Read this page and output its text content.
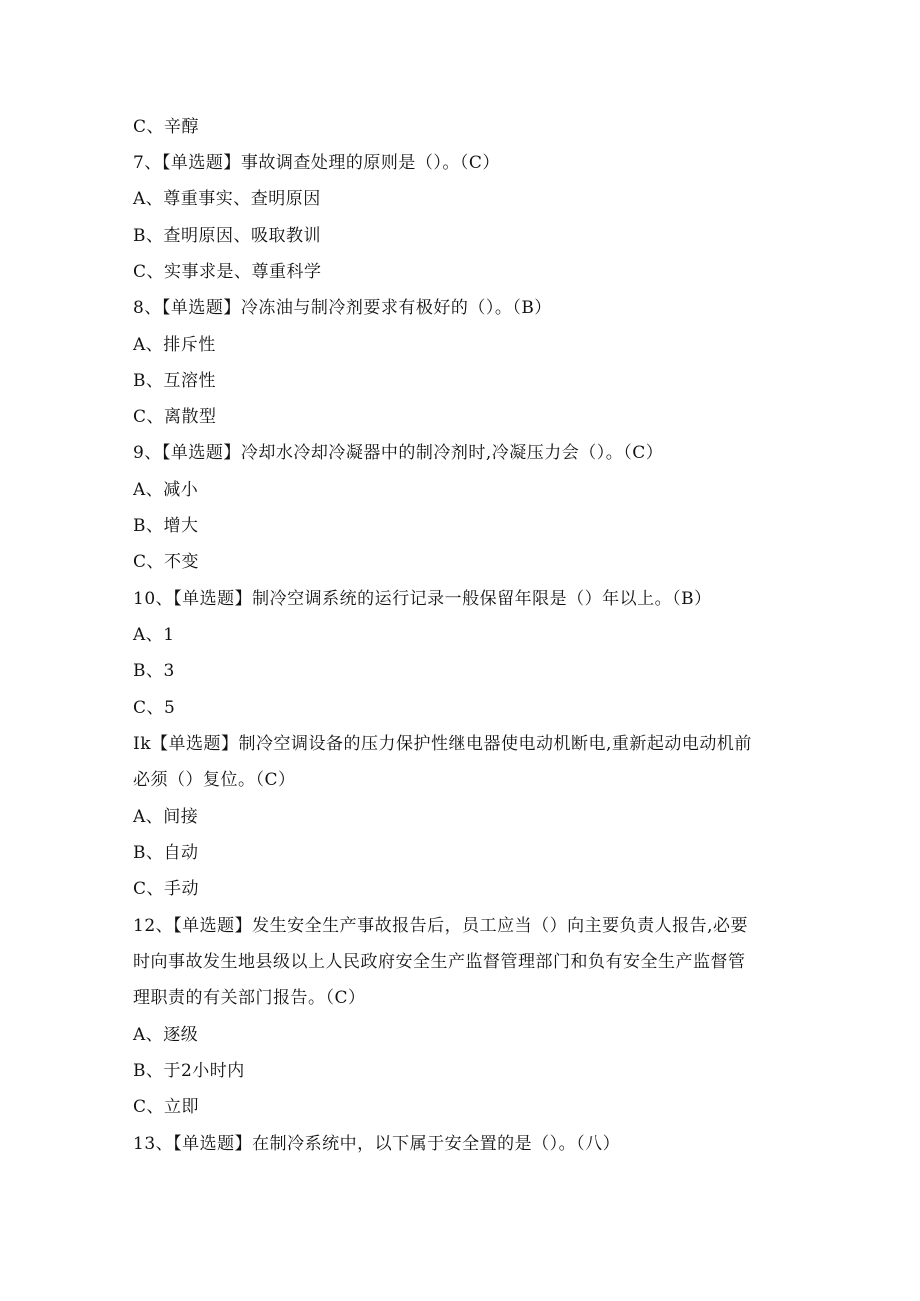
C、辛醇
7、【单选题】事故调查处理的原则是（）。（C）
A、尊重事实、查明原因
B、查明原因、吸取教训
C、实事求是、尊重科学
8、【单选题】冷冻油与制冷剂要求有极好的（）。（B）
A、排斥性
B、互溶性
C、离散型
9、【单选题】冷却水冷却冷凝器中的制冷剂时,冷凝压力会（）。（C）
A、减小
B、增大
C、不变
10、【单选题】制冷空调系统的运行记录一般保留年限是（）年以上。（B）
A、1
B、3
C、5
Ik【单选题】制冷空调设备的压力保护性继电器使电动机断电,重新起动电动机前
必须（）复位。（C）
A、间接
B、自动
C、手动
12、【单选题】发生安全生产事故报告后，员工应当（）向主要负责人报告,必要
时向事故发生地县级以上人民政府安全生产监督管理部门和负有安全生产监督管
理职责的有关部门报告。（C）
A、逐级
B、于2小时内
C、立即
13、【单选题】在制冷系统中，以下属于安全置的是（）。（八）
